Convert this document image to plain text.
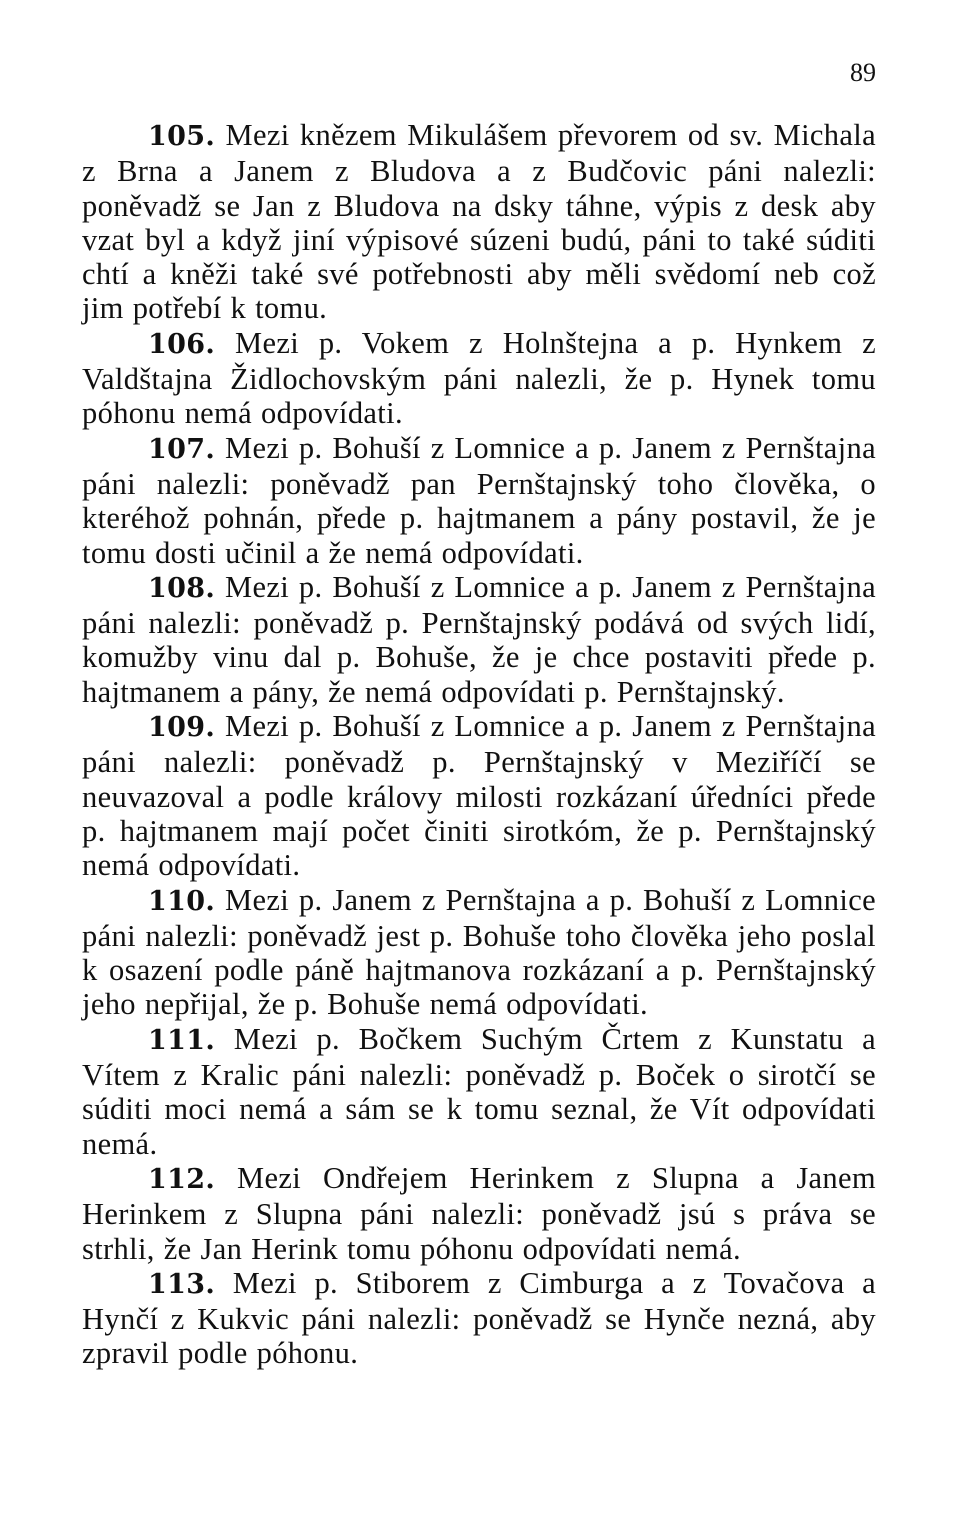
89

105. Mezi knězem Mikulášem převorem od sv. Michala z Brna a Janem z Bludova a z Budčovic páni nalezli: poněvadž se Jan z Bludova na dsky táhne, výpis z desk aby vzat byl a když jiní výpisové súzeni budú, páni to také súditi chtí a kněži také své potřebnosti aby měli svědomí neb což jim potřebí k tomu.

106. Mezi p. Vokem z Holnštejna a p. Hynkem z Valdštajna Židlochovským páni nalezli, že p. Hynek tomu póhonu nemá odpovídati.

107. Mezi p. Bohuší z Lomnice a p. Janem z Pernštajna páni nalezli: poněvadž pan Pernštajnský toho člověka, o kteréhož pohnán, přede p. hajtmanem a pány postavil, že je tomu dosti učinil a že nemá odpovídati.

108. Mezi p. Bohuší z Lomnice a p. Janem z Pernštajna páni nalezli: poněvadž p. Pernštajnský podává od svých lidí, komužby vinu dal p. Bohuše, že je chce postaviti přede p. hajtmanem a pány, že nemá odpovídati p. Pernštajnský.

109. Mezi p. Bohuší z Lomnice a p. Janem z Pernštajna páni nalezli: poněvadž p. Pernštajnský v Meziříčí se neuvazoval a podle královy milosti rozkázaní úředníci přede p. hajtmanem mají počet činiti sirotkóm, že p. Pernštajnský nemá odpovídati.

110. Mezi p. Janem z Pernštajna a p. Bohuší z Lomnice páni nalezli: poněvadž jest p. Bohuše toho člověka jeho poslal k osazení podle páně hajtmanova rozkázaní a p. Pernštajnský jeho nepřijal, že p. Bohuše nemá odpovídati.

111. Mezi p. Bočkem Suchým Črtem z Kunstatu a Vítem z Kralic páni nalezli: poněvadž p. Boček o sirotčí se súditi moci nemá a sám se k tomu seznal, že Vít odpovídati nemá.

112. Mezi Ondřejem Herinkem z Slupna a Janem Herinkem z Slupna páni nalezli: poněvadž jsú s práva se strhli, že Jan Herink tomu póhonu odpovídati nemá.

113. Mezi p. Stiborem z Cimburga a z Tovačova a Hynčí z Kukvic páni nalezli: poněvadž se Hynče nezná, aby zpravil podle póhonu.
